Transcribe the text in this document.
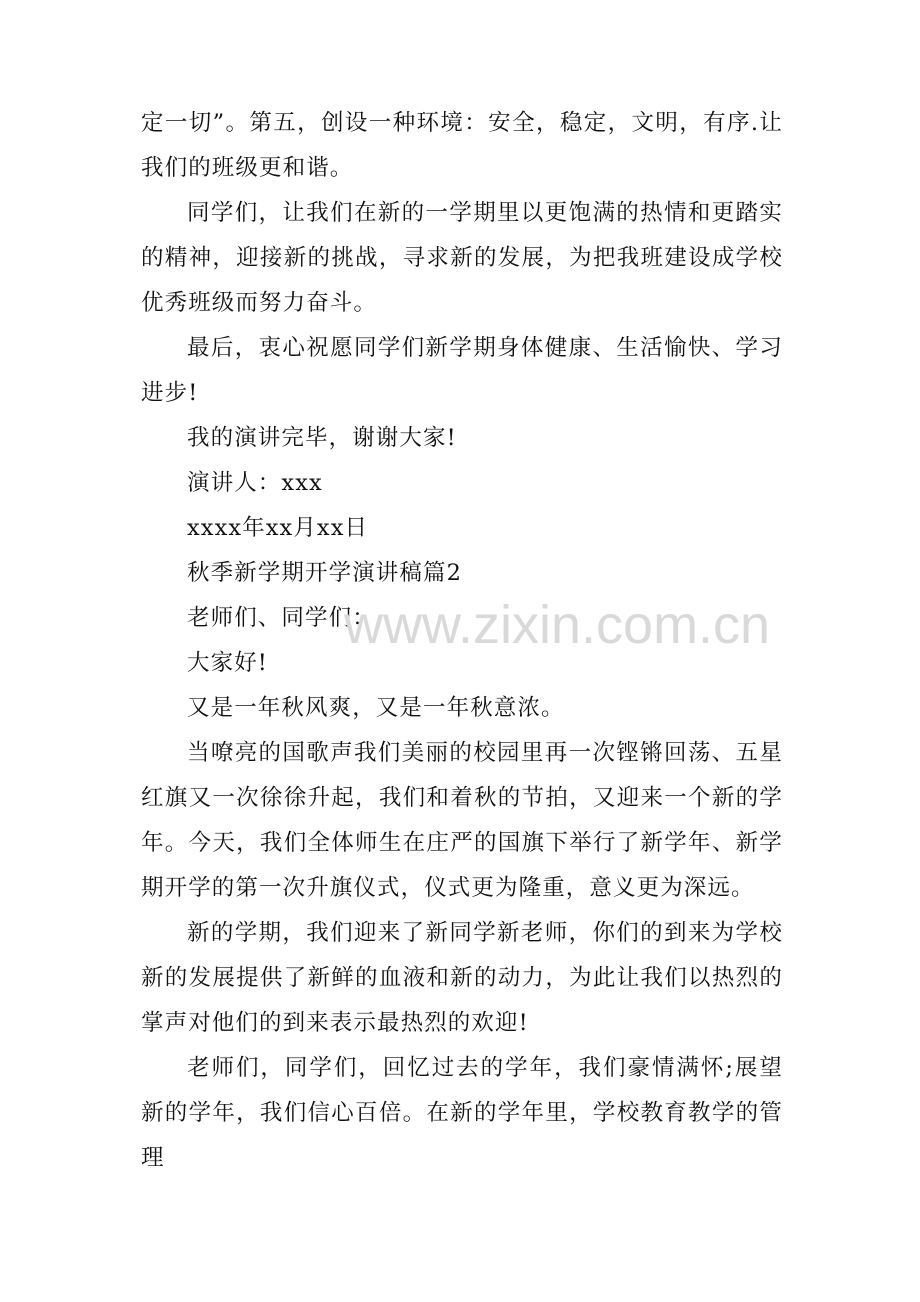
定一切”。第五，创设一种环境：安全，稳定，文明，有序.让我们的班级更和谐。

同学们，让我们在新的一学期里以更饱满的热情和更踏实的精神，迎接新的挑战，寻求新的发展，为把我班建设成学校优秀班级而努力奋斗。

最后，衷心祝愿同学们新学期身体健康、生活愉快、学习进步!

我的演讲完毕，谢谢大家!

演讲人：xxx

xxxx年xx月xx日

秋季新学期开学演讲稿篇2

老师们、同学们：

大家好!

又是一年秋风爽，又是一年秋意浓。

当嘹亮的国歌声我们美丽的校园里再一次铿锵回荡、五星红旗又一次徐徐升起，我们和着秋的节拍，又迎来一个新的学年。今天，我们全体师生在庄严的国旗下举行了新学年、新学期开学的第一次升旗仪式，仪式更为隆重，意义更为深远。

新的学期，我们迎来了新同学新老师，你们的到来为学校新的发展提供了新鲜的血液和新的动力，为此让我们以热烈的掌声对他们的到来表示最热烈的欢迎!

老师们，同学们，回忆过去的学年，我们豪情满怀;展望新的学年，我们信心百倍。在新的学年里，学校教育教学的管理

www.zixin.com.cn
